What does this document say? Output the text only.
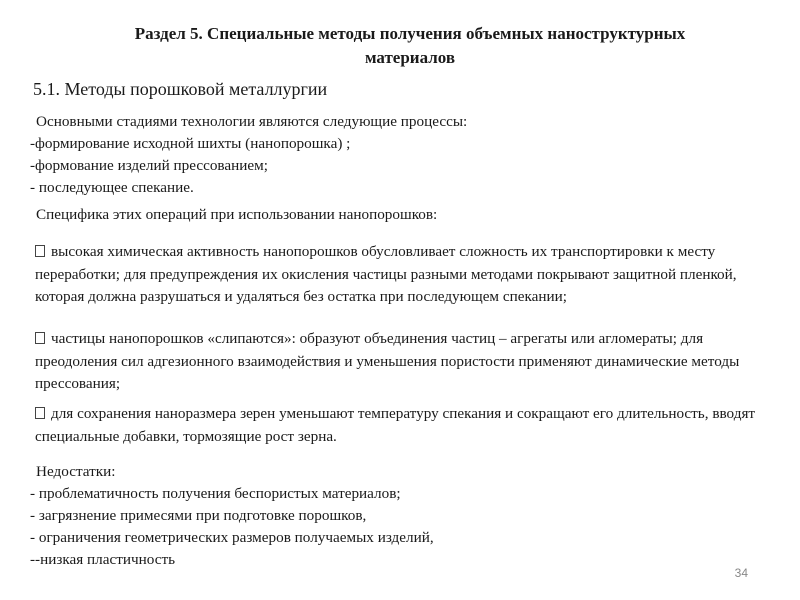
Раздел 5. Специальные методы получения объемных наноструктурных
материалов
5.1. Методы порошковой металлургии
Основными стадиями технологии являются следующие процессы:
-формирование исходной шихты (нанопорошка) ;
-формование изделий прессованием;
- последующее спекание.
Специфика этих операций при использовании нанопорошков:

высокая химическая активность нанопорошков обусловливает сложность их транспортировки к месту переработки; для предупреждения их окисления частицы разными методами покрывают защитной пленкой, которая должна разрушаться и удаляться без остатка при последующем спекании;

частицы нанопорошков «слипаются»: образуют объединения частиц – агрегаты или агломераты; для преодоления сил адгезионного взаимодействия и уменьшения пористости применяют динамические методы прессования;

для сохранения наноразмера зерен уменьшают температуру спекания и сокращают его длительность, вводят специальные добавки, тормозящие рост зерна.

Недостатки:
- проблематичность получения беспористых материалов;
- загрязнение примесями при подготовке порошков,
- ограничения геометрических размеров получаемых изделий,
--низкая пластичность
34
